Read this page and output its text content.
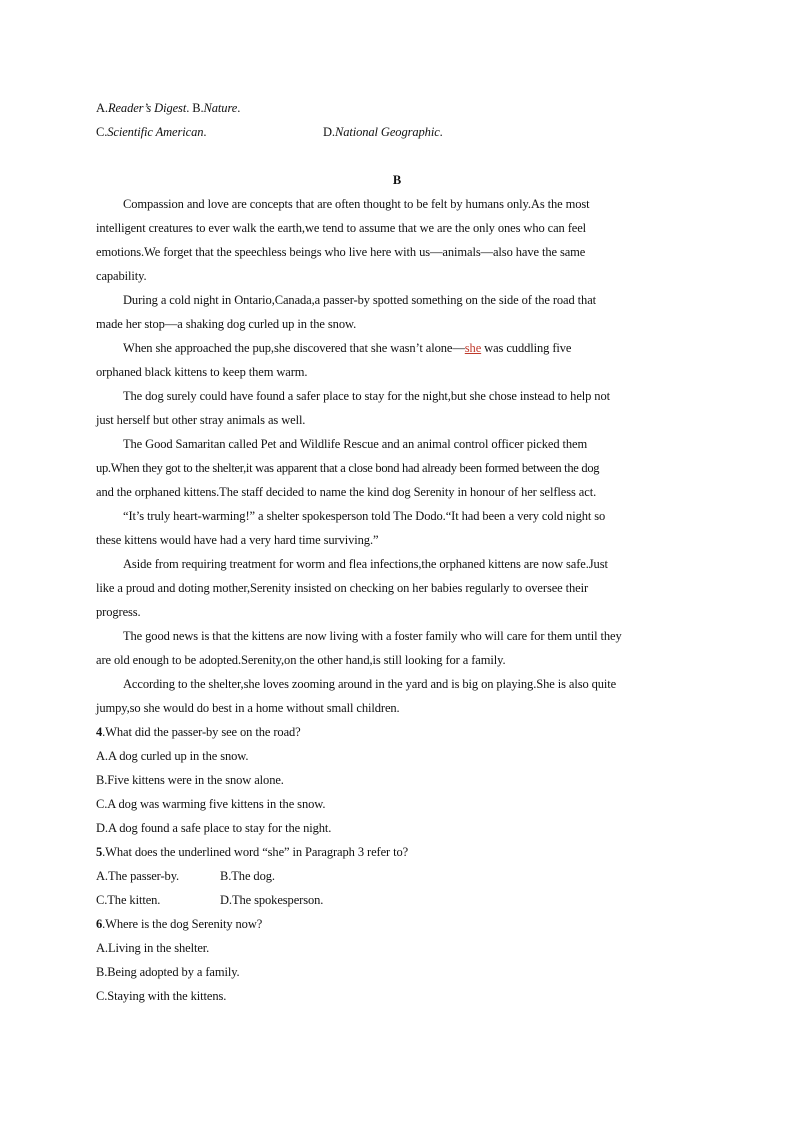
A.Reader’s Digest. B.Nature.
C.Scientific American.	D.National Geographic.
B
Compassion and love are concepts that are often thought to be felt by humans only.As the most
intelligent creatures to ever walk the earth,we tend to assume that we are the only ones who can feel
emotions.We forget that the speechless beings who live here with us—animals—also have the same
capability.
During a cold night in Ontario,Canada,a passer-by spotted something on the side of the road that
made her stop—a shaking dog curled up in the snow.
When she approached the pup,she discovered that she wasn’t alone—she was cuddling five
orphaned black kittens to keep them warm.
The dog surely could have found a safer place to stay for the night,but she chose instead to help not
just herself but other stray animals as well.
The Good Samaritan called Pet and Wildlife Rescue and an animal control officer picked them
up.When they got to the shelter,it was apparent that a close bond had already been formed between the dog
and the orphaned kittens.The staff decided to name the kind dog Serenity in honour of her selfless act.
“It’s truly heart-warming!” a shelter spokesperson told The Dodo.“It had been a very cold night so
these kittens would have had a very hard time surviving.”
Aside from requiring treatment for worm and flea infections,the orphaned kittens are now safe.Just
like a proud and doting mother,Serenity insisted on checking on her babies regularly to oversee their
progress.
The good news is that the kittens are now living with a foster family who will care for them until they
are old enough to be adopted.Serenity,on the other hand,is still looking for a family.
According to the shelter,she loves zooming around in the yard and is big on playing.She is also quite
jumpy,so she would do best in a home without small children.
4.What did the passer-by see on the road?
A.A dog curled up in the snow.
B.Five kittens were in the snow alone.
C.A dog was warming five kittens in the snow.
D.A dog found a safe place to stay for the night.
5.What does the underlined word “she” in Paragraph 3 refer to?
A.The passer-by.	B.The dog.
C.The kitten.	D.The spokesperson.
6.Where is the dog Serenity now?
A.Living in the shelter.
B.Being adopted by a family.
C.Staying with the kittens.
